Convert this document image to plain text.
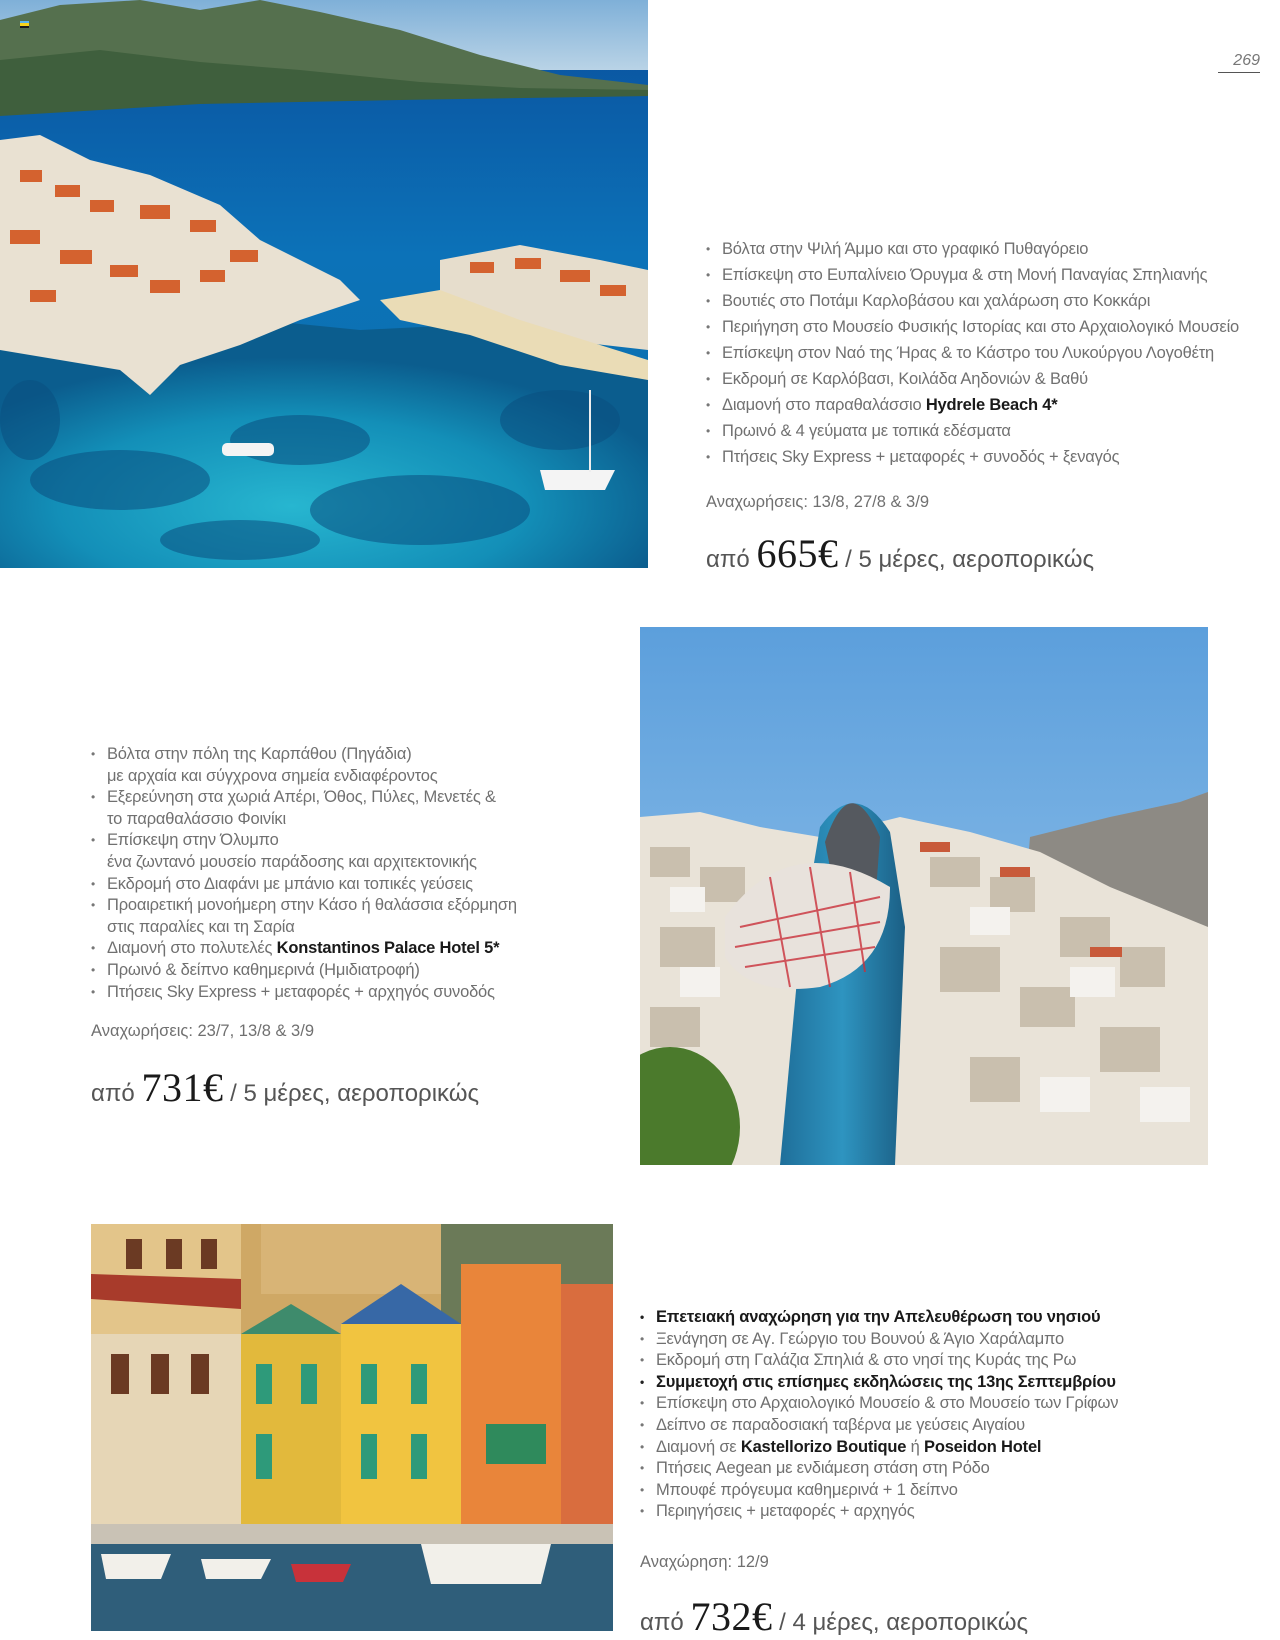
269
• Βόλτα στην Ψιλή Άμμο και στο γραφικό Πυθαγόρειο
• Επίσκεψη στο Ευπαλίνειο Όρυγμα & στη Μονή Παναγίας Σπηλιανής
• Βουτιές στο Ποτάμι Καρλοβάσου και χαλάρωση στο Κοκκάρι
• Περιήγηση στο Μουσείο Φυσικής Ιστορίας και στο Αρχαιολογικό Μουσείο
• Επίσκεψη στον Ναό της Ήρας & το Κάστρο του Λυκούργου Λογοθέτη
• Εκδρομή σε Καρλόβασι, Κοιλάδα Αηδονιών & Βαθύ
• Διαμονή στο παραθαλάσσιο Hydrele Beach 4*
• Πρωινό & 4 γεύματα με τοπικά εδέσματα
• Πτήσεις Sky Express + μεταφορές + συνοδός + ξεναγός
Αναχωρήσεις: 13/8, 27/8 & 3/9
από 665€ / 5 μέρες, αεροπορικώς
• Βόλτα στην πόλη της Καρπάθου (Πηγάδια)
με αρχαία και σύγχρονα σημεία ενδιαφέροντος
• Εξερεύνηση στα χωριά Απέρι, Όθος, Πύλες, Μενετές &
το παραθαλάσσιο Φοινίκι
• Επίσκεψη στην Όλυμπο
ένα ζωντανό μουσείο παράδοσης και αρχιτεκτονικής
• Εκδρομή στο Διαφάνι με μπάνιο και τοπικές γεύσεις
• Προαιρετική μονοήμερη στην Κάσο ή θαλάσσια εξόρμηση
στις παραλίες και τη Σαρία
• Διαμονή στο πολυτελές Konstantinos Palace Hotel 5*
• Πρωινό & δείπνο καθημερινά (Ημιδιατροφή)
• Πτήσεις Sky Express + μεταφορές + αρχηγός συνοδός
Αναχωρήσεις: 23/7, 13/8 & 3/9
από 731€ / 5 μέρες, αεροπορικώς
• Επετειακή αναχώρηση για την Απελευθέρωση του νησιού
• Ξενάγηση σε Αγ. Γεώργιο του Βουνού & Άγιο Χαράλαμπο
• Εκδρομή στη Γαλάζια Σπηλιά & στο νησί της Κυράς της Ρω
• Συμμετοχή στις επίσημες εκδηλώσεις της 13ης Σεπτεμβρίου
• Επίσκεψη στο Αρχαιολογικό Μουσείο & στο Μουσείο των Γρίφων
• Δείπνο σε παραδοσιακή ταβέρνα με γεύσεις Αιγαίου
• Διαμονή σε Kastellorizo Boutique ή Poseidon Hotel
• Πτήσεις Aegean με ενδιάμεση στάση στη Ρόδο
• Μπουφέ πρόγευμα καθημερινά + 1 δείπνο
• Περιηγήσεις + μεταφορές + αρχηγός
Αναχώρηση: 12/9
από 732€ / 4 μέρες, αεροπορικώς
